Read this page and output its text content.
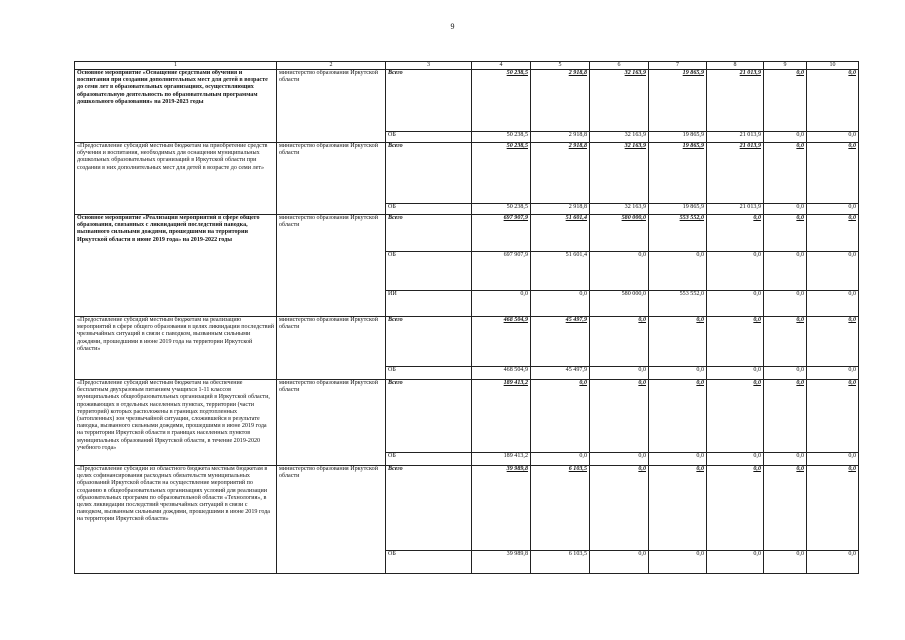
9
1	2	3	4	5	6	7	8	9	10
Основное мероприятие «Оснащение средствами обучения и воспитания при создании дополнительных мест для детей в возрасте до семи лет в образовательных организациях, осуществляющих образовательную деятельность по образовательным программам дошкольного образования» на 2019-2023 годы	министерство образования Иркутской области	Всего	50 238,5	2 918,8	32 163,9	19 865,9	21 013,9	0,0	0,0
		ОБ	50 238,5	2 918,8	32 163,9	19 865,9	21 013,9	0,0	0,0
«Предоставление субсидий местным бюджетам на приобретение средств обучения и воспитания, необходимых для оснащения муниципальных дошкольных образовательных организаций в Иркутской области при создании в них дополнительных мест для детей в возрасте до семи лет»	министерство образования Иркутской области	Всего	50 238,5	2 918,8	32 163,9	19 865,9	21 013,9	0,0	0,0
		ОБ	50 238,5	2 918,8	32 163,9	19 865,9	21 013,9	0,0	0,0
Основное мероприятие «Реализация мероприятий в сфере общего образования, связанных с ликвидацией последствий паводка, вызванного сильными дождями, прошедшими на территории Иркутской области в июне 2019 года» на 2019-2022 годы	министерство образования Иркутской области	Всего	697 907,9	51 601,4	580 000,0	553 552,0	0,0	0,0	0,0
		ОБ	697 907,9	51 601,4	0,0	0,0	0,0	0,0	0,0
		ИИ	0,0	0,0	580 000,0	553 552,0	0,0	0,0	0,0
«Предоставление субсидий местным бюджетам на реализацию мероприятий в сфере общего образования в целях ликвидации последствий чрезвычайных ситуаций в связи с паводком, вызванным сильными дождями, прошедшими в июне 2019 года на территории Иркутской области»	министерство образования Иркутской области	Всего	468 504,9	45 497,9	0,0	0,0	0,0	0,0	0,0
		ОБ	468 504,9	45 497,9	0,0	0,0	0,0	0,0	0,0
«Предоставление субсидий местным бюджетам на обеспечение бесплатным двухразовым питанием учащихся 1-11 классов муниципальных общеобразовательных организаций в Иркутской области, проживающих в отдельных населенных пунктах, территории (части территорий) которых расположены в границах подтопленных (затопленных) зон чрезвычайной ситуации, сложившейся в результате паводка, вызванного сильными дождями, прошедшими в июне 2019 года на территории Иркутской области в границах населенных пунктов муниципальных образований Иркутской области, в течение 2019-2020 учебного года»	министерство образования Иркутской области	Всего	189 413,2	0,0	0,0	0,0	0,0	0,0	0,0
		ОБ	189 413,2	0,0	0,0	0,0	0,0	0,0	0,0
«Предоставление субсидии из областного бюджета местным бюджетам в целях софинансирования расходных обязательств муниципальных образований Иркутской области на осуществление мероприятий по созданию в общеобразовательных организациях условий для реализации образовательных программ по образовательной области «Технология», в целях ликвидации последствий чрезвычайных ситуаций в связи с паводком, вызванным сильными дождями, прошедшими в июне 2019 года на территории Иркутской области»	министерство образования Иркутской области	Всего	39 989,8	6 103,5	0,0	0,0	0,0	0,0	0,0
		ОБ	39 989,8	6 103,5	0,0	0,0	0,0	0,0	0,0
